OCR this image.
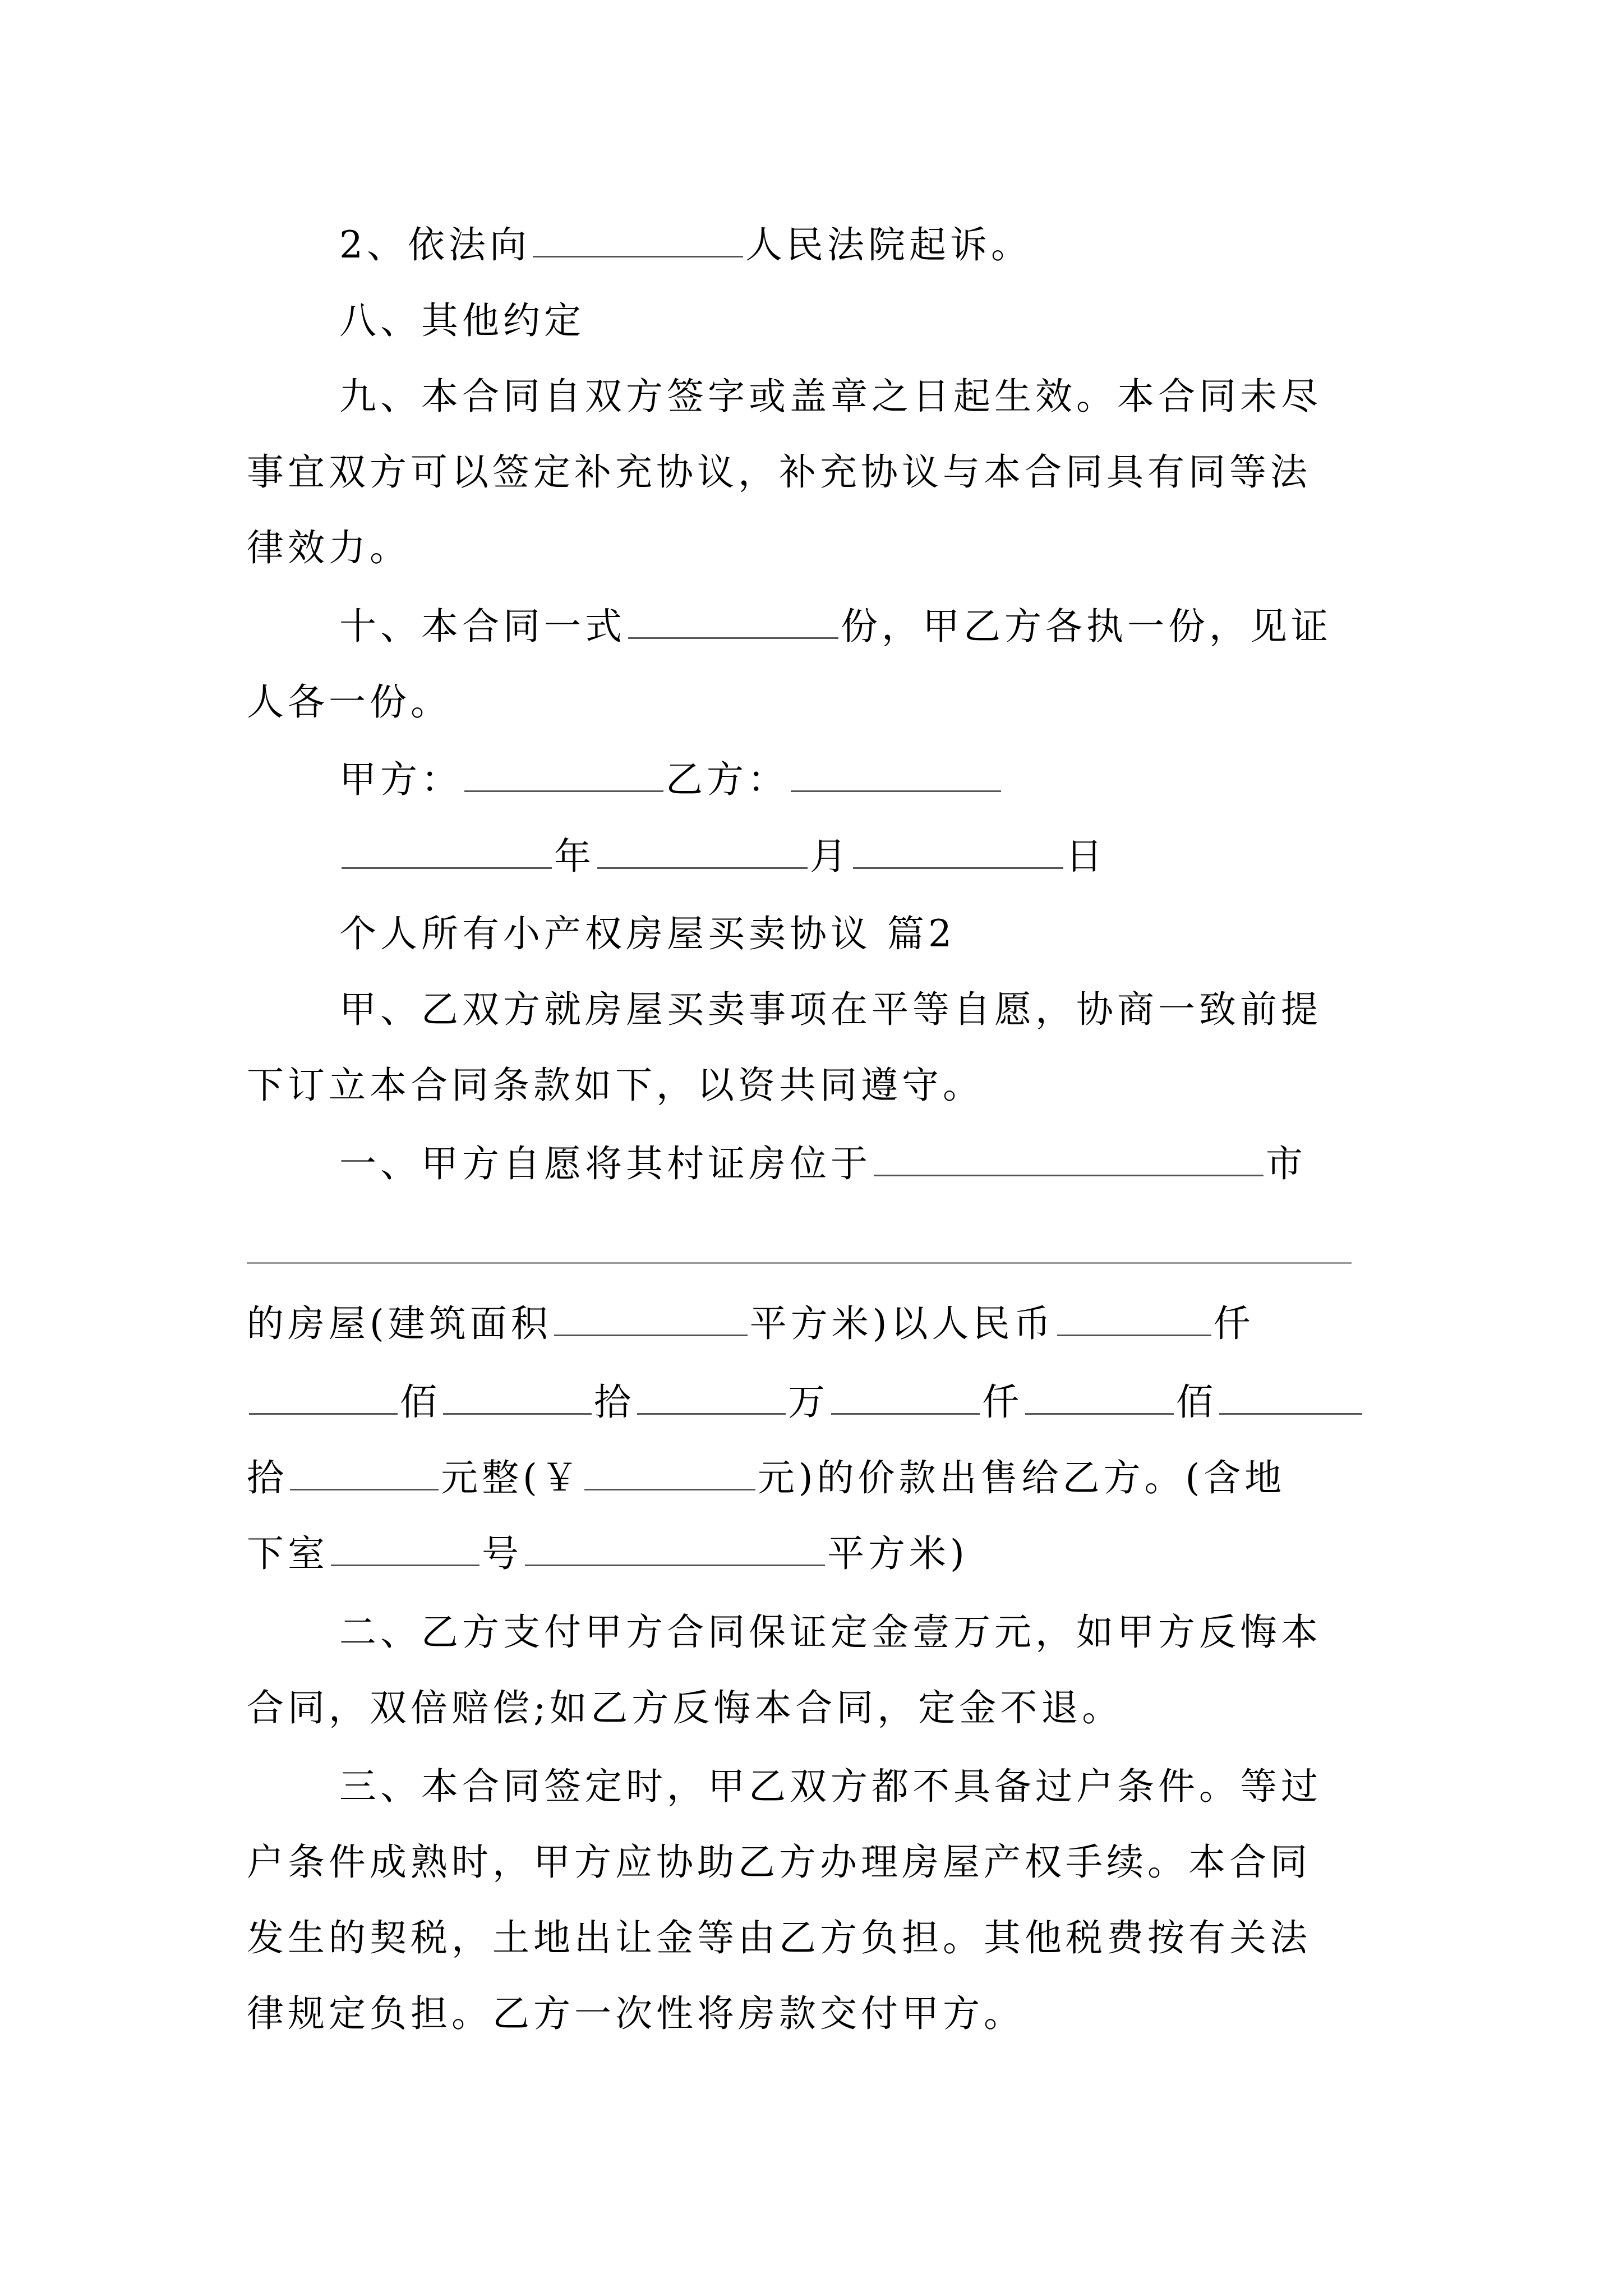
2、依法向	人民法院起诉。
八、其他约定
九、本合同自双方签字或盖章之日起生效。本合同未尽
事宜双方可以签定补充协议，补充协议与本合同具有同等法
律效力。
十、本合同一式	份，甲乙方各执一份，见证
人各一份。
甲方：	乙方：
年	月	日
个人所有小产权房屋买卖协议 篇2
甲、乙双方就房屋买卖事项在平等自愿，协商一致前提
下订立本合同条款如下，以资共同遵守。
一、甲方自愿将其村证房位于	市
的房屋(建筑面积	平方米)以人民币	仟
佰	拾	万	仟	佰
拾	元整(￥	元)的价款出售给乙方。(含地
下室	号	平方米)
二、乙方支付甲方合同保证定金壹万元，如甲方反悔本
合同，双倍赔偿;如乙方反悔本合同，定金不退。
三、本合同签定时，甲乙双方都不具备过户条件。等过
户条件成熟时，甲方应协助乙方办理房屋产权手续。本合同
发生的契税，土地出让金等由乙方负担。其他税费按有关法
律规定负担。乙方一次性将房款交付甲方。
